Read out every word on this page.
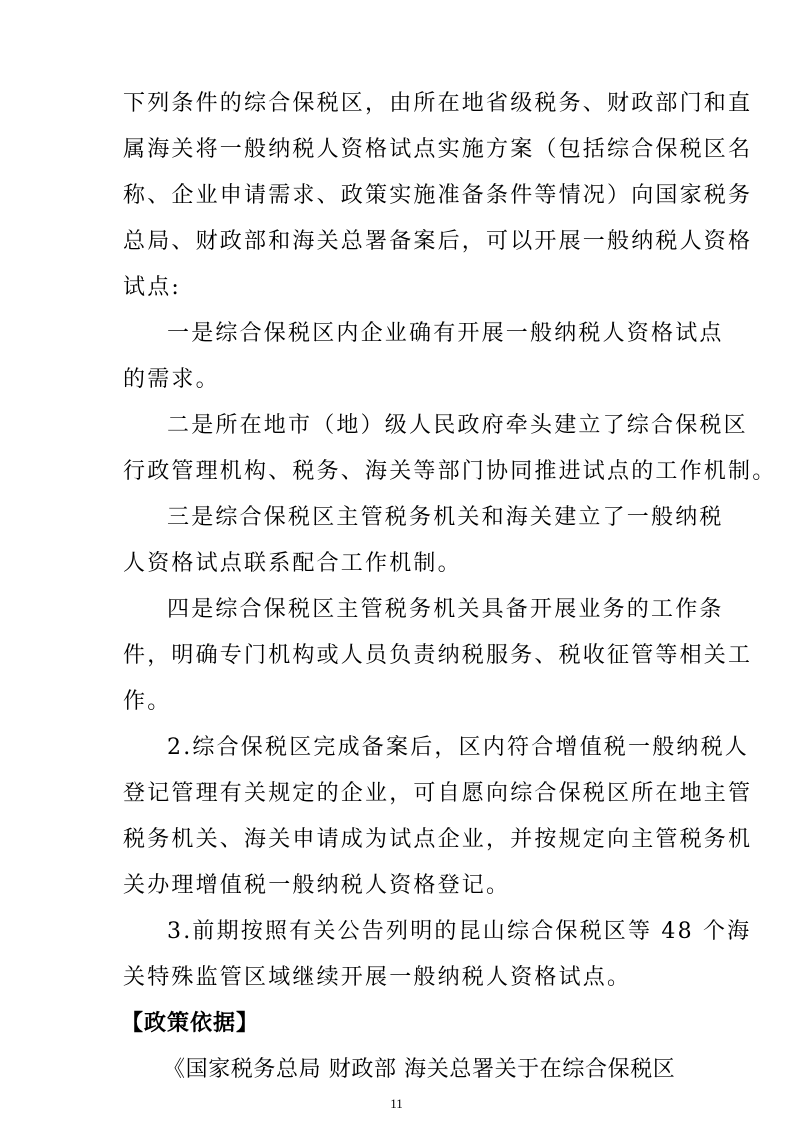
下列条件的综合保税区，由所在地省级税务、财政部门和直
属海关将一般纳税人资格试点实施方案（包括综合保税区名
称、企业申请需求、政策实施准备条件等情况）向国家税务
总局、财政部和海关总署备案后，可以开展一般纳税人资格
试点:
一是综合保税区内企业确有开展一般纳税人资格试点
的需求。
二是所在地市（地）级人民政府牵头建立了综合保税区
行政管理机构、税务、海关等部门协同推进试点的工作机制。
三是综合保税区主管税务机关和海关建立了一般纳税
人资格试点联系配合工作机制。
四是综合保税区主管税务机关具备开展业务的工作条
件，明确专门机构或人员负责纳税服务、税收征管等相关工
作。
2.综合保税区完成备案后，区内符合增值税一般纳税人
登记管理有关规定的企业，可自愿向综合保税区所在地主管
税务机关、海关申请成为试点企业，并按规定向主管税务机
关办理增值税一般纳税人资格登记。
3.前期按照有关公告列明的昆山综合保税区等 48 个海
关特殊监管区域继续开展一般纳税人资格试点。
【政策依据】
《国家税务总局 财政部 海关总署关于在综合保税区
11
